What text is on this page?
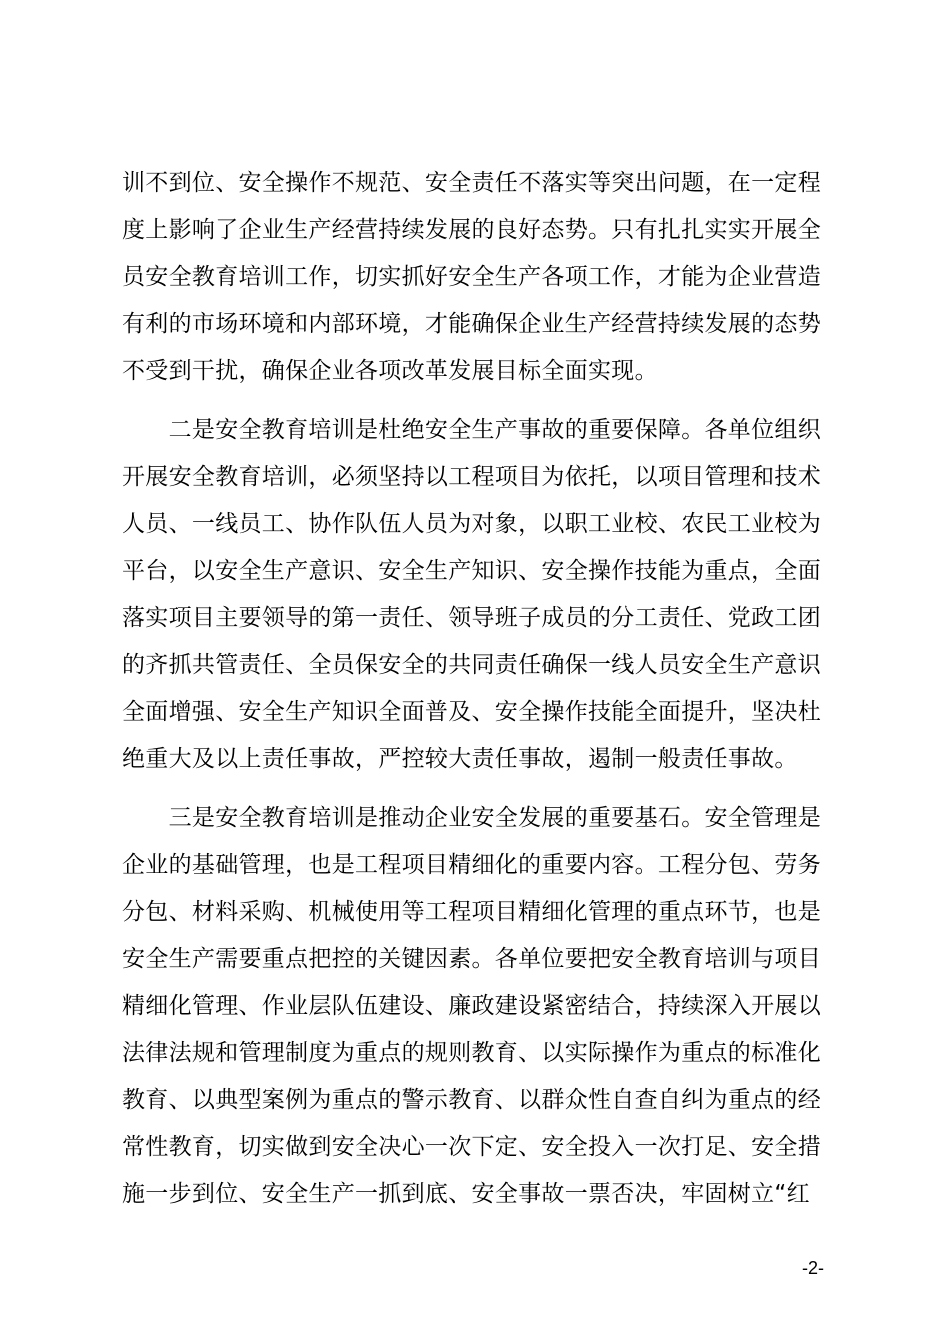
训不到位、安全操作不规范、安全责任不落实等突出问题，在一定程
度上影响了企业生产经营持续发展的良好态势。只有扎扎实实开展全
员安全教育培训工作，切实抓好安全生产各项工作，才能为企业营造
有利的市场环境和内部环境，才能确保企业生产经营持续发展的态势
不受到干扰，确保企业各项改革发展目标全面实现。
　　二是安全教育培训是杜绝安全生产事故的重要保障。各单位组织
开展安全教育培训，必须坚持以工程项目为依托，以项目管理和技术
人员、一线员工、协作队伍人员为对象，以职工业校、农民工业校为
平台，以安全生产意识、安全生产知识、安全操作技能为重点，全面
落实项目主要领导的第一责任、领导班子成员的分工责任、党政工团
的齐抓共管责任、全员保安全的共同责任确保一线人员安全生产意识
全面增强、安全生产知识全面普及、安全操作技能全面提升，坚决杜
绝重大及以上责任事故，严控较大责任事故，遏制一般责任事故。
　　三是安全教育培训是推动企业安全发展的重要基石。安全管理是
企业的基础管理，也是工程项目精细化的重要内容。工程分包、劳务
分包、材料采购、机械使用等工程项目精细化管理的重点环节，也是
安全生产需要重点把控的关键因素。各单位要把安全教育培训与项目
精细化管理、作业层队伍建设、廉政建设紧密结合，持续深入开展以
法律法规和管理制度为重点的规则教育、以实际操作为重点的标准化
教育、以典型案例为重点的警示教育、以群众性自查自纠为重点的经
常性教育，切实做到安全决心一次下定、安全投入一次打足、安全措
施一步到位、安全生产一抓到底、安全事故一票否决，牢固树立“红
-2-
